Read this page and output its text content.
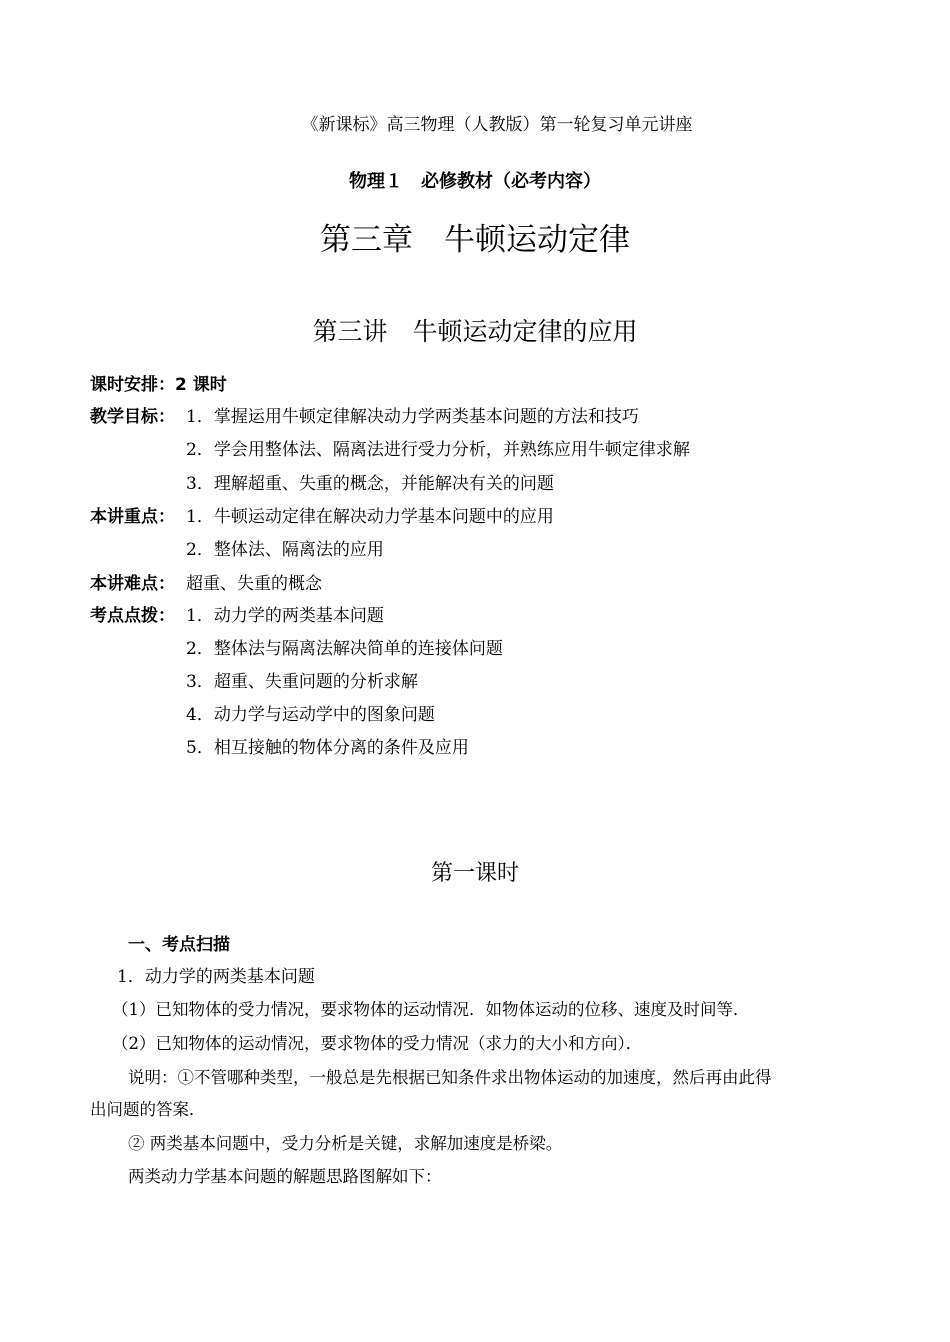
《新课标》高三物理（人教版）第一轮复习单元讲座
物理１　必修教材（必考内容）
第三章　牛顿运动定律
第三讲　牛顿运动定律的应用
课时安排：2 课时
教学目标： 1．掌握运用牛顿定律解决动力学两类基本问题的方法和技巧
2．学会用整体法、隔离法进行受力分析，并熟练应用牛顿定律求解
3．理解超重、失重的概念，并能解决有关的问题
本讲重点： 1．牛顿运动定律在解决动力学基本问题中的应用
2．整体法、隔离法的应用
本讲难点： 超重、失重的概念
考点点拨： 1．动力学的两类基本问题
2．整体法与隔离法解决简单的连接体问题
3．超重、失重问题的分析求解
4．动力学与运动学中的图象问题
5．相互接触的物体分离的条件及应用
第一课时
一、考点扫描
1．动力学的两类基本问题
（1）已知物体的受力情况，要求物体的运动情况．如物体运动的位移、速度及时间等．
（2）已知物体的运动情况，要求物体的受力情况（求力的大小和方向）．
说明：①不管哪种类型，一般总是先根据已知条件求出物体运动的加速度，然后再由此得
出问题的答案．
② 两类基本问题中，受力分析是关键，求解加速度是桥梁。
两类动力学基本问题的解题思路图解如下：
